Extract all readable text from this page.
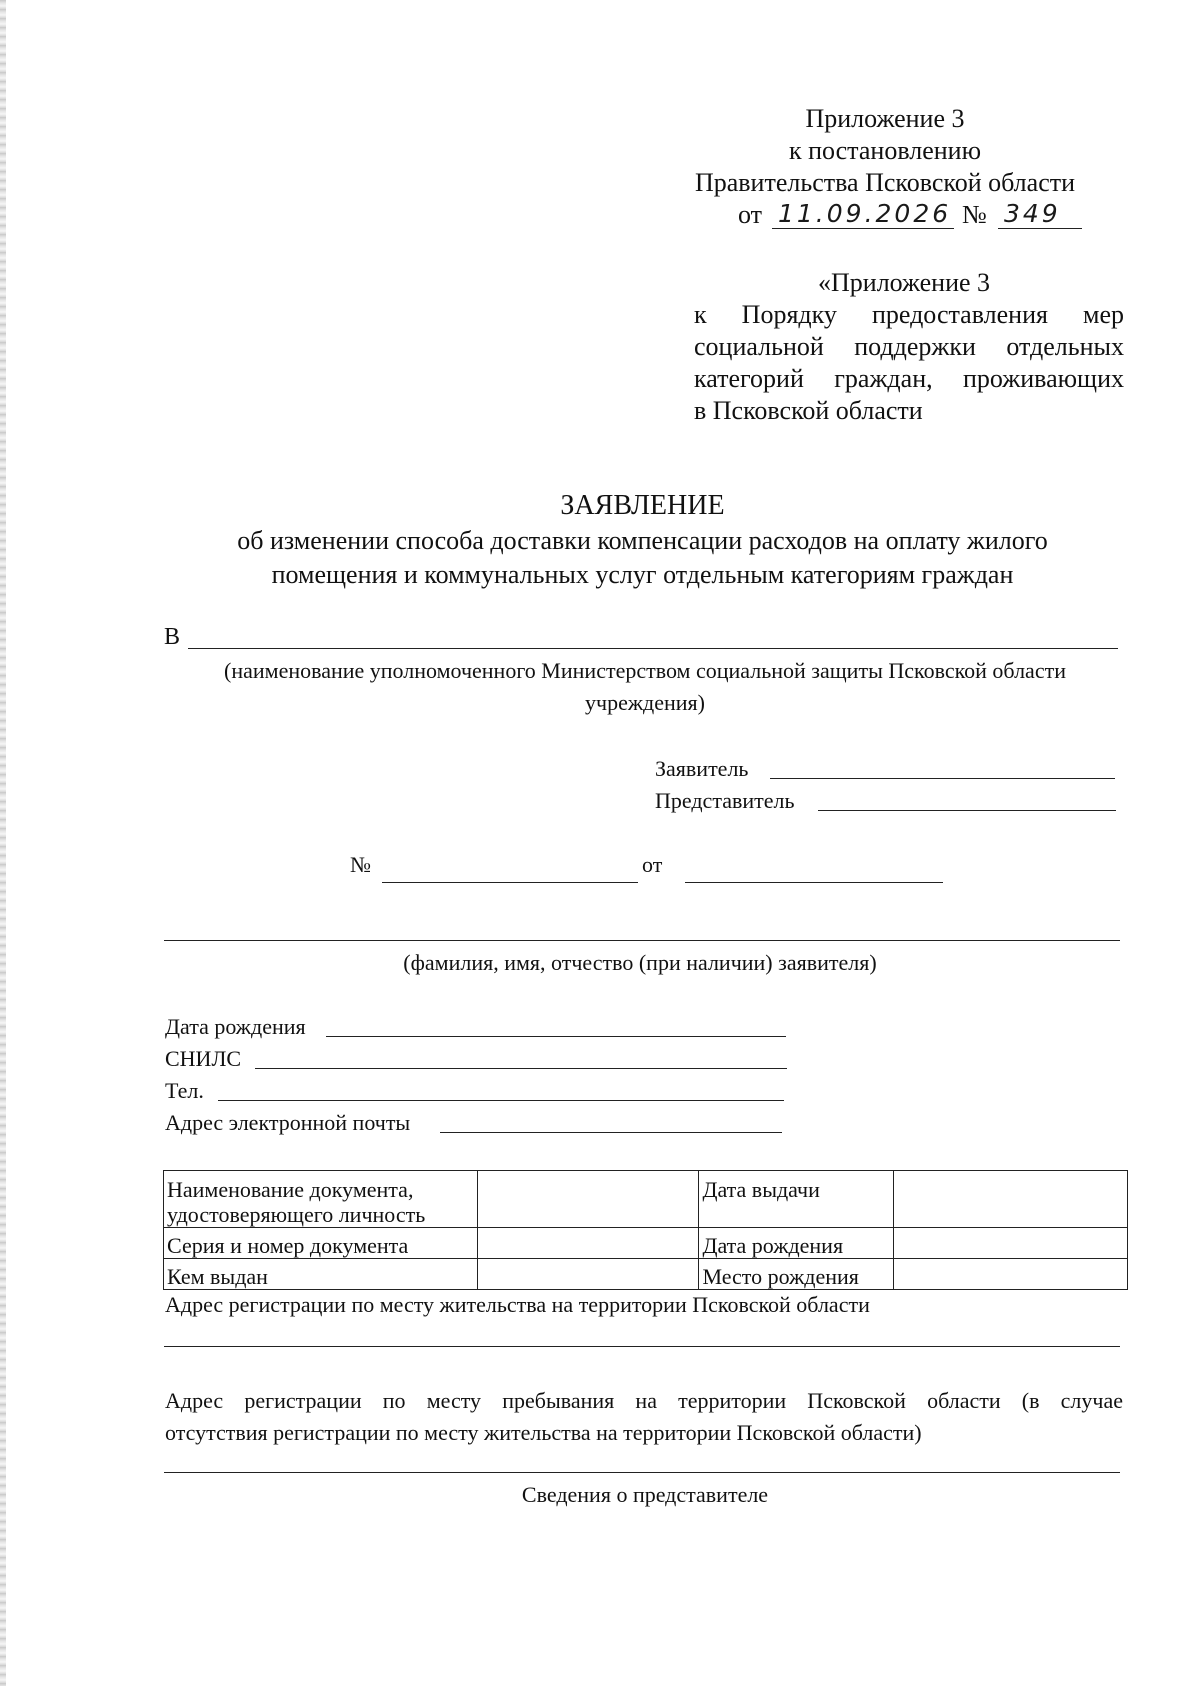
Приложение 3
к постановлению
Правительства Псковской области
от 11.09.2026 № 349
«Приложение 3
к Порядку предоставления мер
социальной поддержки отдельных
категорий граждан, проживающих
в Псковской области
ЗАЯВЛЕНИЕ
об изменении способа доставки компенсации расходов на оплату жилого
помещения и коммунальных услуг отдельным категориям граждан
В
(наименование уполномоченного Министерством социальной защиты Псковской области
учреждения)
Заявитель
Представитель
№	от
(фамилия, имя, отчество (при наличии) заявителя)
Дата рождения
СНИЛС
Тел.
Адрес электронной почты
Наименование документа,
удостоверяющего личность		Дата выдачи	
Серия и номер документа		Дата рождения	
Кем выдан		Место рождения	
Адрес регистрации по месту жительства на территории Псковской области
Адрес регистрации по месту пребывания на территории Псковской области (в случае
отсутствия регистрации по месту жительства на территории Псковской области)
Сведения о представителе
